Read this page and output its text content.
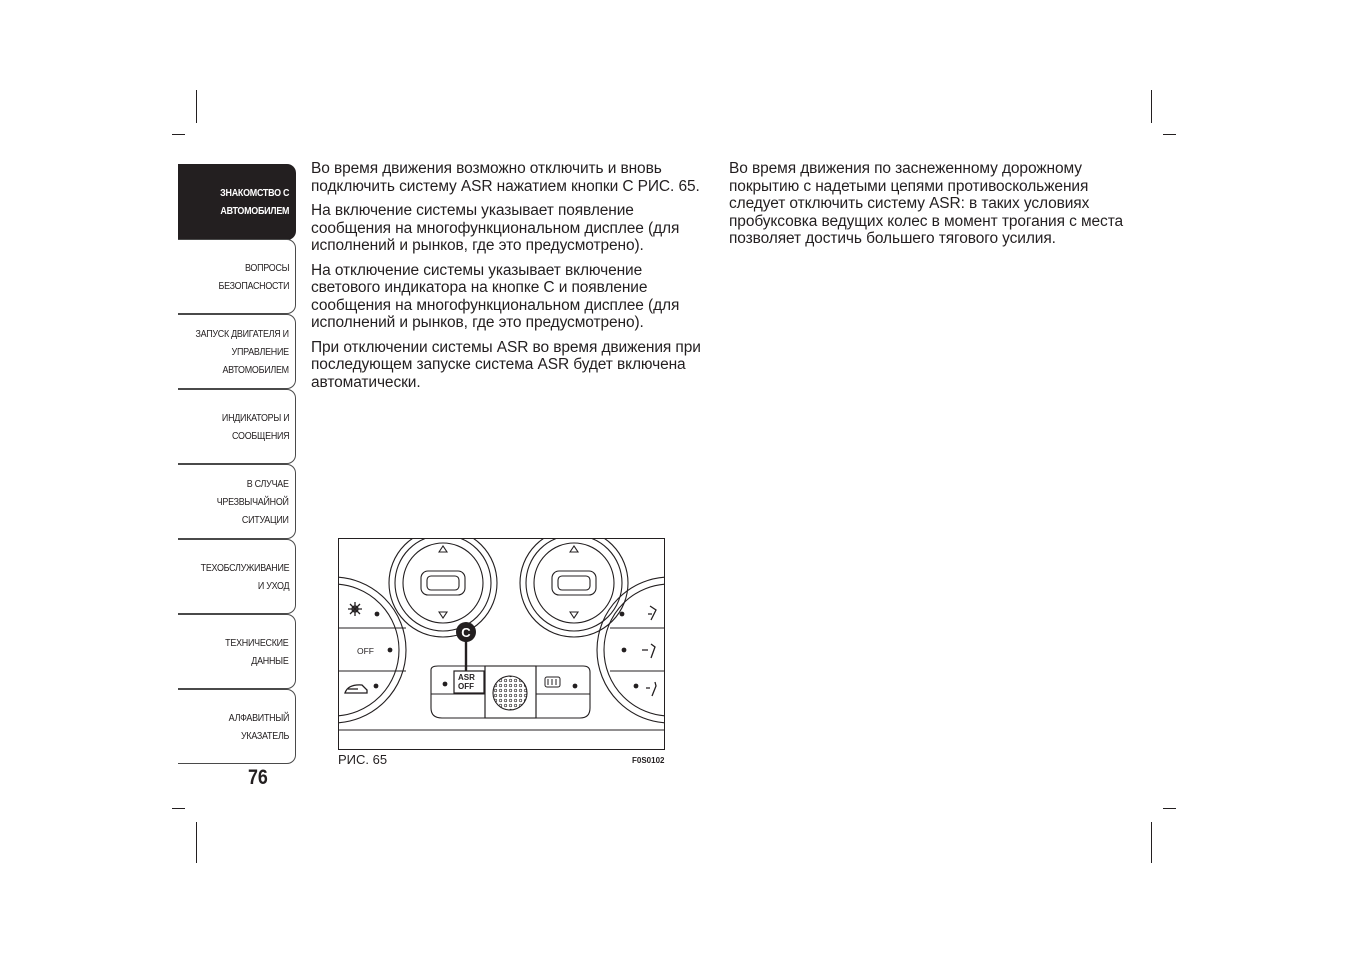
ЗНАКОМСТВО С
АВТОМОБИЛЕМ
ВОПРОСЫ
БЕЗОПАСНОСТИ
ЗАПУСК ДВИГАТЕЛЯ И
УПРАВЛЕНИЕ
АВТОМОБИЛЕМ
ИНДИКАТОРЫ И
СООБЩЕНИЯ
В СЛУЧАЕ
ЧРЕЗВЫЧАЙНОЙ
СИТУАЦИИ
ТЕХОБСЛУЖИВАНИЕ
И УХОД
ТЕХНИЧЕСКИЕ
ДАННЫЕ
АЛФАВИТНЫЙ
УКАЗАТЕЛЬ
76

Во время движения возможно отключить и вновь подключить систему ASR нажатием кнопки C РИС. 65.

На включение системы указывает появление сообщения на многофункциональном дисплее (для исполнений и рынков, где это предусмотрено).

На отключение системы указывает включение светового индикатора на кнопке C и появление сообщения на многофункциональном дисплее (для исполнений и рынков, где это предусмотрено).

При отключении системы ASR во время движения при последующем запуске система ASR будет включена автоматически.

Во время движения по заснеженному дорожному покрытию с надетыми цепями противоскольжения следует отключить систему ASR: в таких условиях пробуксовка ведущих колес в момент трогания с места позволяет достичь большего тягового усилия.

OFF
ASR
OFF
C
РИС. 65	F0S0102
